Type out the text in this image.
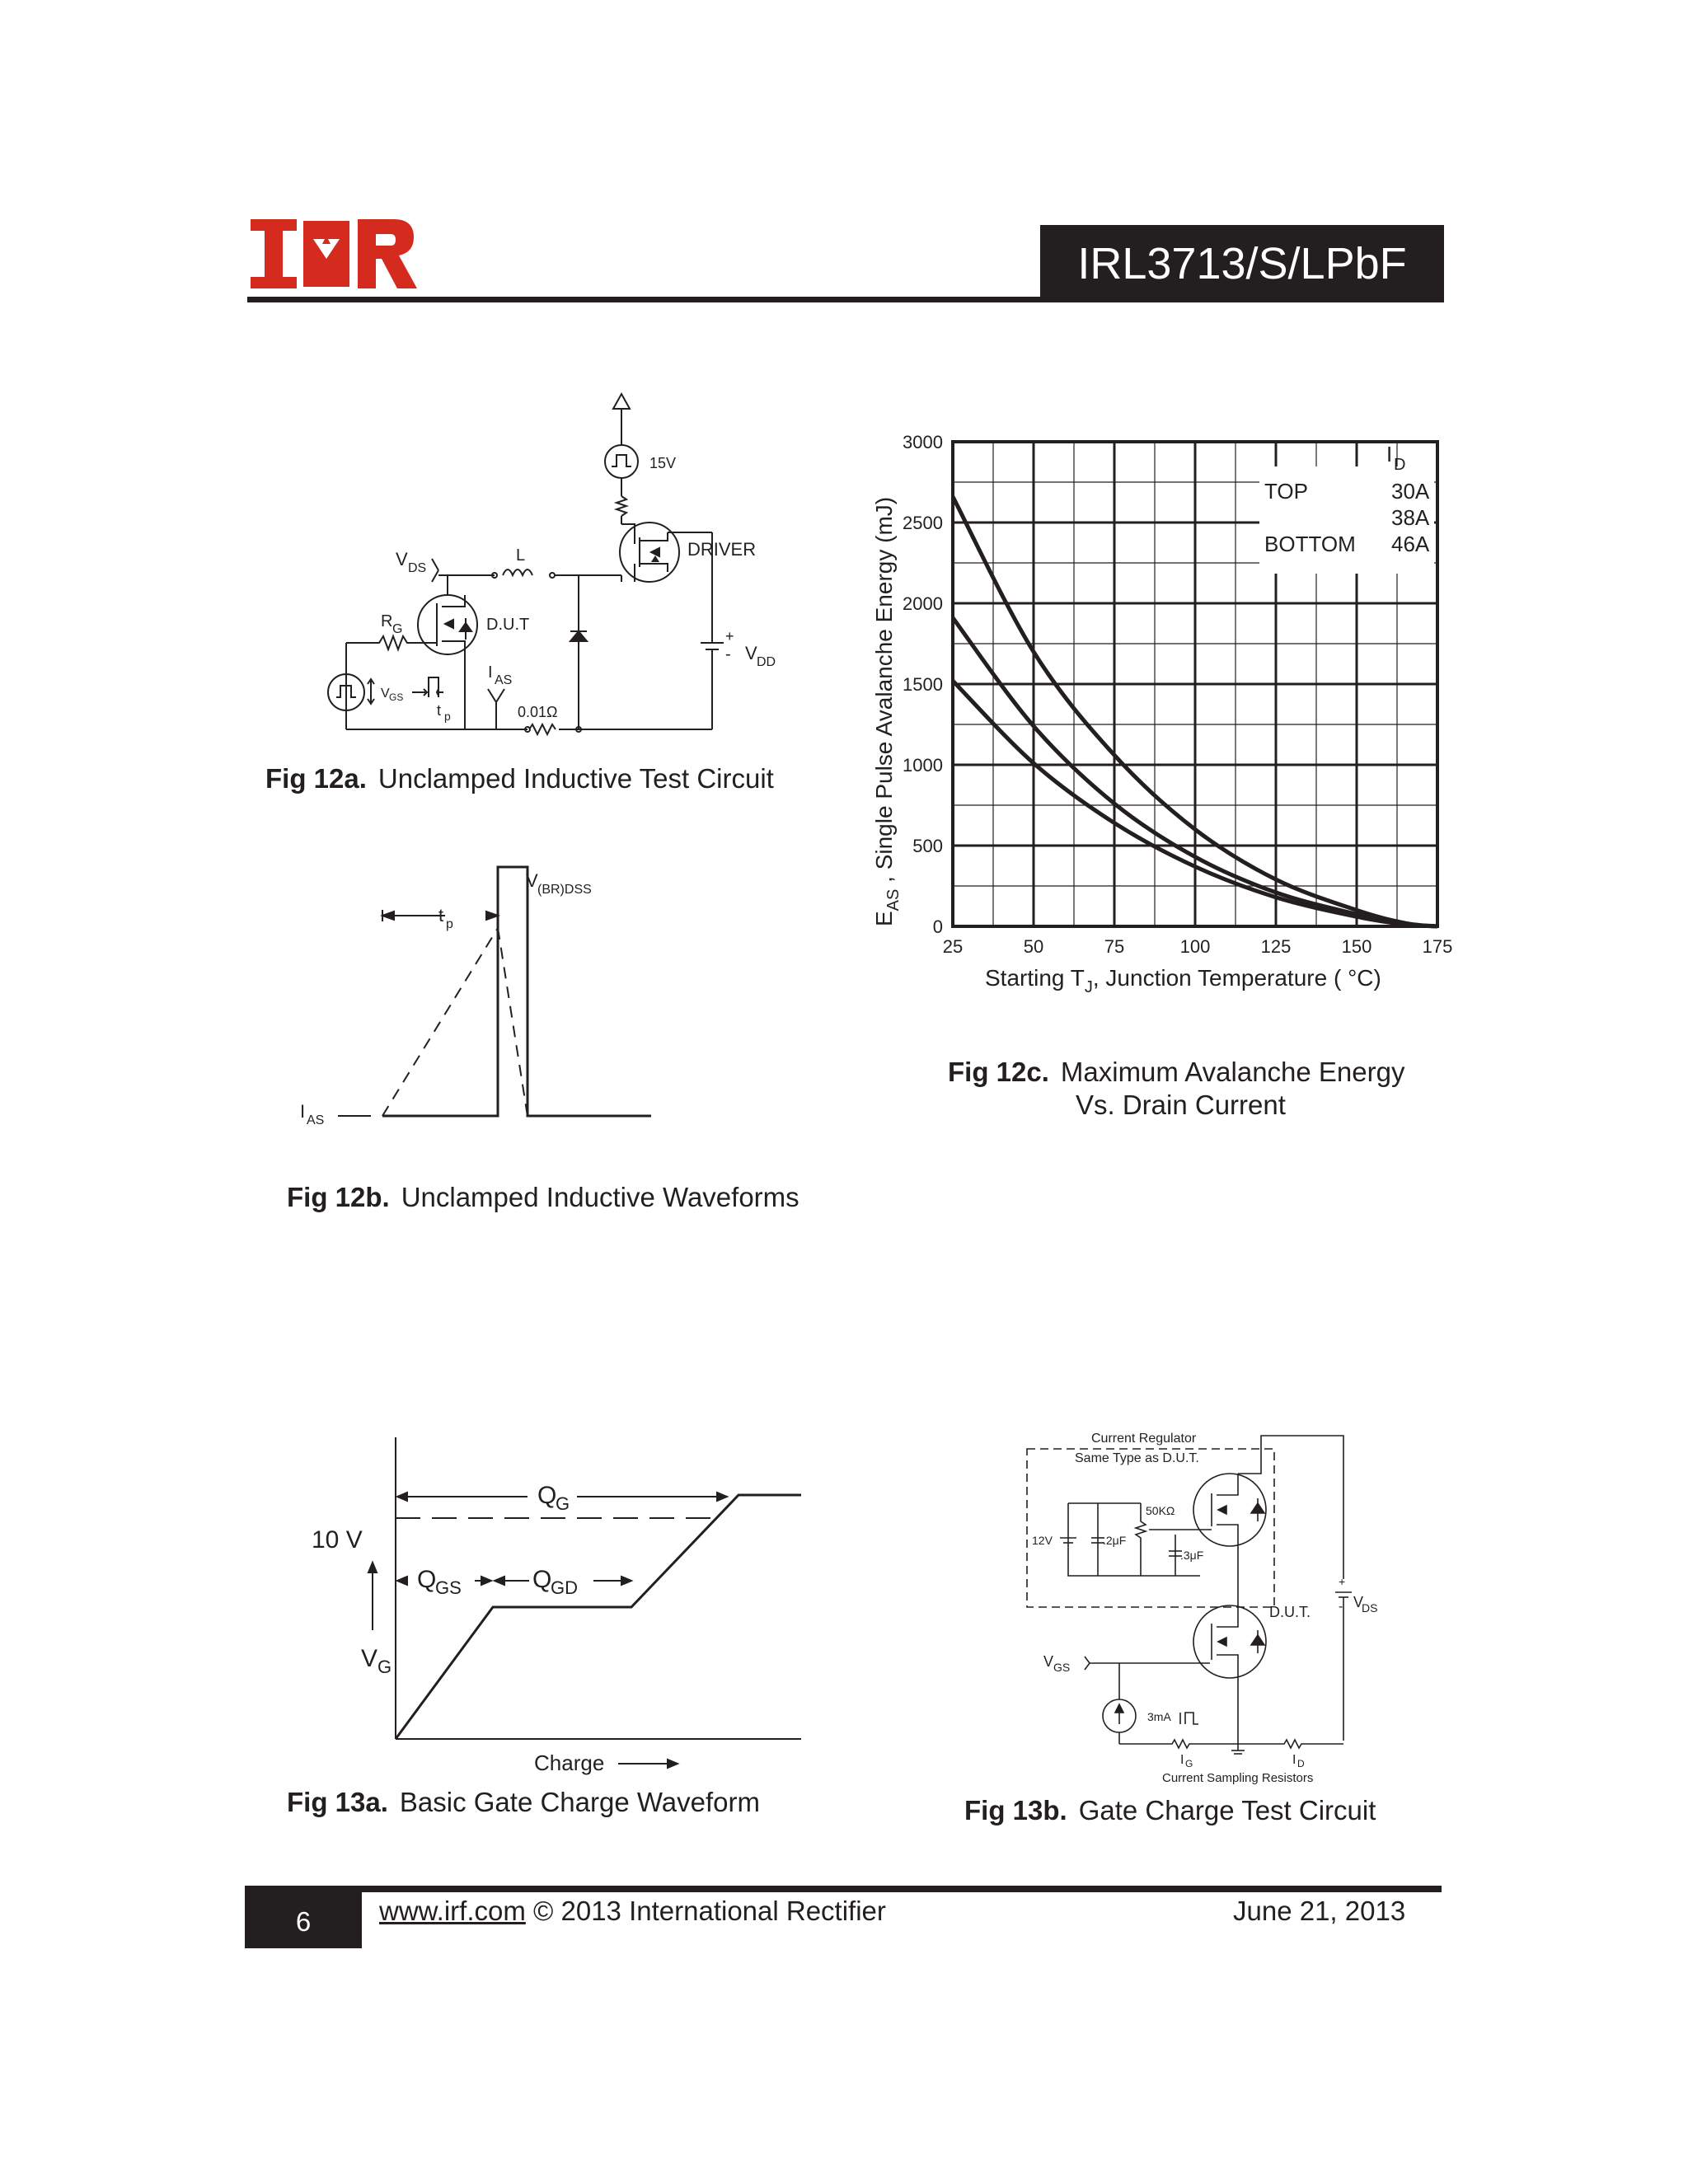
IRL3713/S/LPbF
15V
DRIVER
+
- V DD
V DS
L
D.U.T
R G
V GS
t p
I AS
0.01Ω
Fig 12a. Unclamped Inductive Test Circuit
V (BR)DSS
t p
I AS
Fig 12b. Unclamped Inductive Waveforms
25	50	75	100	125	150	175
0
500
1000
1500
2000
2500
3000	I D
TOP	30A
38A
BOTTOM 46A
Starting $T_J$, Junction Temperature ( °C)
$E_{AS}$ , Single Pulse Avalanche Energy (mJ)
Fig 12c. Maximum Avalanche Energy
Vs. Drain Current
Q
G
Q
GS	Q
GD
10 V
V G
Charge
Fig 13a. Basic Gate Charge Waveform
Current Regulator
Same Type as D.U.T.
12V	.2μF
50KΩ
.3μF
D.U.T.
+
- V
DS
V GS
3mA
I G	I D
Current Sampling Resistors
Fig 13b. Gate Charge Test Circuit
6	www.irf.com © 2013 International Rectifier	June 21, 2013
